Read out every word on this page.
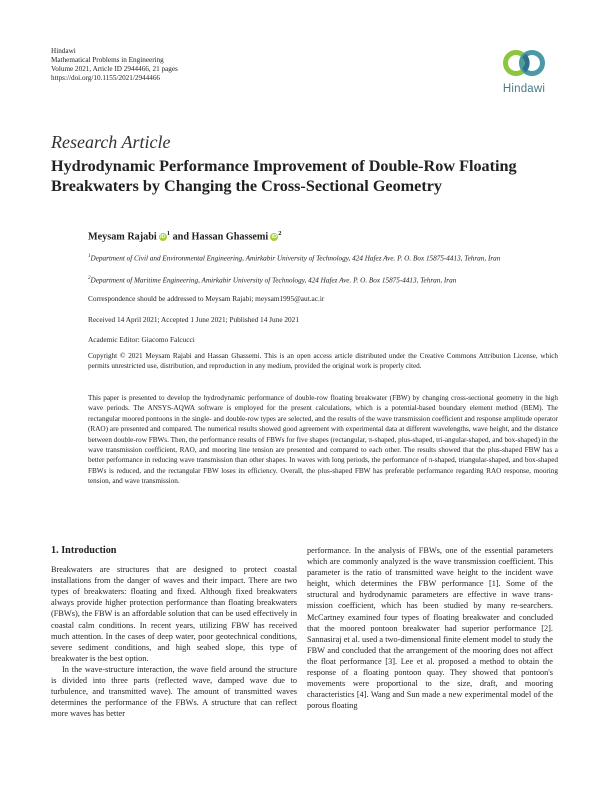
Hindawi
Mathematical Problems in Engineering
Volume 2021, Article ID 2944466, 21 pages
https://doi.org/10.1155/2021/2944466
Hindawi
Research Article
Hydrodynamic Performance Improvement of Double-Row Floating Breakwaters by Changing the Cross-Sectional Geometry
Meysam Rajabi $iD^1$ and Hassan Ghassemi $iD^2$
$^1$Department of Civil and Environmental Engineering, Amirkabir University of Technology, 424 Hafez Ave. P. O. Box 15875-4413, Tehran, Iran
$^2$Department of Maritime Engineering, Amirkabir University of Technology, 424 Hafez Ave. P. O. Box 15875-4413, Tehran, Iran
Correspondence should be addressed to Meysam Rajabi; meysam1995@aut.ac.ir
Received 14 April 2021; Accepted 1 June 2021; Published 14 June 2021
Academic Editor: Giacomo Falcucci
Copyright © 2021 Meysam Rajabi and Hassan Ghassemi. This is an open access article distributed under the Creative Commons Attribution License, which permits unrestricted use, distribution, and reproduction in any medium, provided the original work is properly cited.
This paper is presented to develop the hydrodynamic performance of double-row floating breakwater (FBW) by changing cross-sectional geometry in the high wave periods. The ANSYS-AQWA software is employed for the present calculations, which is a potential-based boundary element method (BEM). The rectangular moored pontoons in the single- and double-row types are selected, and the results of the wave transmission coefficient and response amplitude operator (RAO) are presented and compared. The numerical results showed good agreement with experimental data at different wavelengths, wave height, and the distance between double-row FBWs. Then, the performance results of FBWs for five shapes (rectangular, π-shaped, plus-shaped, tri-angular-shaped, and box-shaped) in the wave transmission coefficient, RAO, and mooring line tension are presented and compared to each other. The results showed that the plus-shaped FBW has a better performance in reducing wave transmission than other shapes. In waves with long periods, the performance of π-shaped, triangular-shaped, and box-shaped FBWs is reduced, and the rectangular FBW loses its efficiency. Overall, the plus-shaped FBW has preferable performance regarding RAO response, mooring tension, and wave transmission.
1. Introduction

Breakwaters are structures that are designed to protect coastal installations from the danger of waves and their impact. There are two types of breakwaters: floating and fixed. Although fixed breakwaters always provide higher protection performance than floating breakwaters (FBWs), the FBW is an affordable solution that can be used effectively in coastal calm conditions. In recent years, utilizing FBW has received much attention. In the cases of deep water, poor geotechnical conditions, severe sediment conditions, and high seabed slope, this type of breakwater is the best option.

In the wave-structure interaction, the wave field around the structure is divided into three parts (reflected wave, damped wave due to turbulence, and transmitted wave). The amount of transmitted waves determines the performance of the FBWs. A structure that can reflect more waves has better

performance. In the analysis of FBWs, one of the essential parameters which are commonly analyzed is the wave transmission coefficient. This parameter is the ratio of transmitted wave height to the incident wave height, which determines the FBW performance [1]. Some of the structural and hydrodynamic parameters are effective in wave trans-mission coefficient, which has been studied by many re-searchers. McCartney examined four types of floating breakwater and concluded that the moored pontoon breakwater had superior performance [2]. Sannasiraj et al. used a two-dimensional finite element model to study the FBW and concluded that the arrangement of the mooring does not affect the float performance [3]. Lee et al. proposed a method to obtain the response of a floating pontoon quay. They showed that pontoon's movements were proportional to the size, draft, and mooring characteristics [4]. Wang and Sun made a new experimental model of the porous floating
